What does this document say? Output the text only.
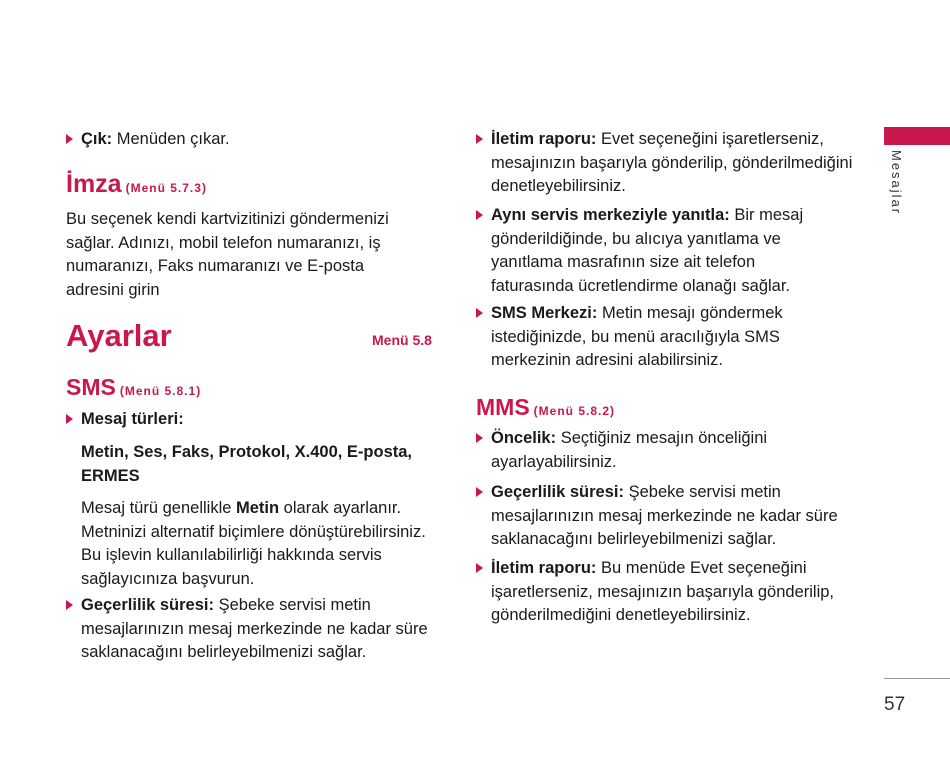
Çık: Menüden çıkar.
İmza (Menü 5.7.3)

Bu seçenek kendi kartvizitinizi göndermenizi sağlar. Adınızı, mobil telefon numaranızı, iş numaranızı, Faks numaranızı ve E-posta adresini girin

Ayarlar	Menü 5.8
SMS (Menü 5.8.1)
Mesaj türleri:

Metin, Ses, Faks, Protokol, X.400, E-posta, ERMES

Mesaj türü genellikle Metin olarak ayarlanır. Metninizi alternatif biçimlere dönüştürebilirsiniz. Bu işlevin kullanılabilirliği hakkında servis sağlayıcınıza başvurun.

Geçerlilik süresi: Şebeke servisi metin mesajlarınızın mesaj merkezinde ne kadar süre saklanacağını belirleyebilmenizi sağlar.
İletim raporu: Evet seçeneğini işaretlerseniz, mesajınızın başarıyla gönderilip, gönderilmediğini denetleyebilirsiniz.
Aynı servis merkeziyle yanıtla: Bir mesaj gönderildiğinde, bu alıcıya yanıtlama ve yanıtlama masrafının size ait telefon faturasında ücretlendirme olanağı sağlar.
SMS Merkezi: Metin mesajı göndermek istediğinizde, bu menü aracılığıyla SMS merkezinin adresini alabilirsiniz.
MMS (Menü 5.8.2)
Öncelik: Seçtiğiniz mesajın önceliğini ayarlayabilirsiniz.
Geçerlilik süresi: Şebeke servisi metin mesajlarınızın mesaj merkezinde ne kadar süre saklanacağını belirleyebilmenizi sağlar.
İletim raporu: Bu menüde Evet seçeneğini işaretlerseniz, mesajınızın başarıyla gönderilip, gönderilmediğini denetleyebilirsiniz.
Mesajlar
57
